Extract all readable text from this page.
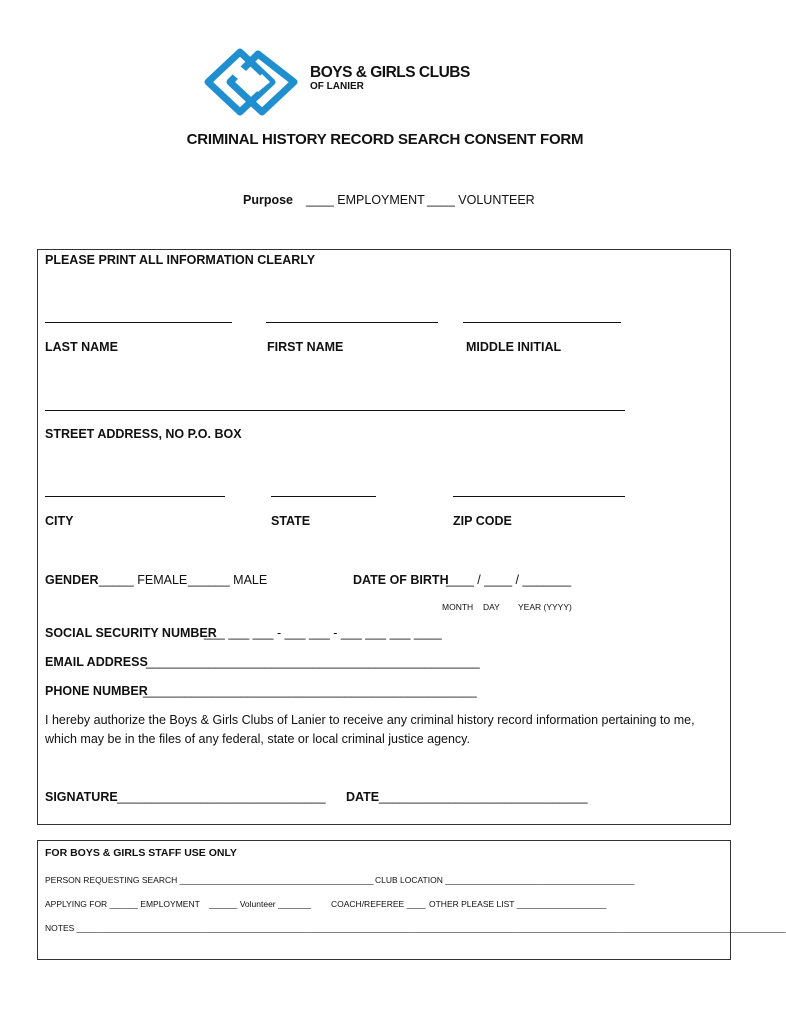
BOYS & GIRLS CLUBS
OF LANIER
CRIMINAL HISTORY RECORD SEARCH CONSENT FORM
Purpose ____ EMPLOYMENT ____ VOLUNTEER
PLEASE PRINT ALL INFORMATION CLEARLY
LAST NAME	FIRST NAME	MIDDLE INITIAL
STREET ADDRESS, NO P.O. BOX
CITY	STATE	ZIP CODE
GENDER _____ FEMALE ______ MALE	DATE OF BIRTH
____ / ____ / _______
MONTH DAY YEAR (YYYY)
SOCIAL SECURITY NUMBER
___ ___ ___ - ___ ___ - ___ ___ ___ ____
EMAIL ADDRESS
________________________________________________
PHONE NUMBER
________________________________________________
I hereby authorize the Boys & Girls Clubs of Lanier to receive any criminal history record information pertaining to me, which may be in the files of any federal, state or local criminal justice agency.
SIGNATURE ______________________________	DATE ______________________________
FOR BOYS & GIRLS STAFF USE ONLY
PERSON REQUESTING SEARCH _________________________________________ CLUB LOCATION ________________________________________
APPLYING FOR ______ EMPLOYMENT ______ Volunteer _______ COACH/REFEREE ____ OTHER PLEASE LIST ___________________
NOTES ______________________________________________________________________________________________________________________________________________________
